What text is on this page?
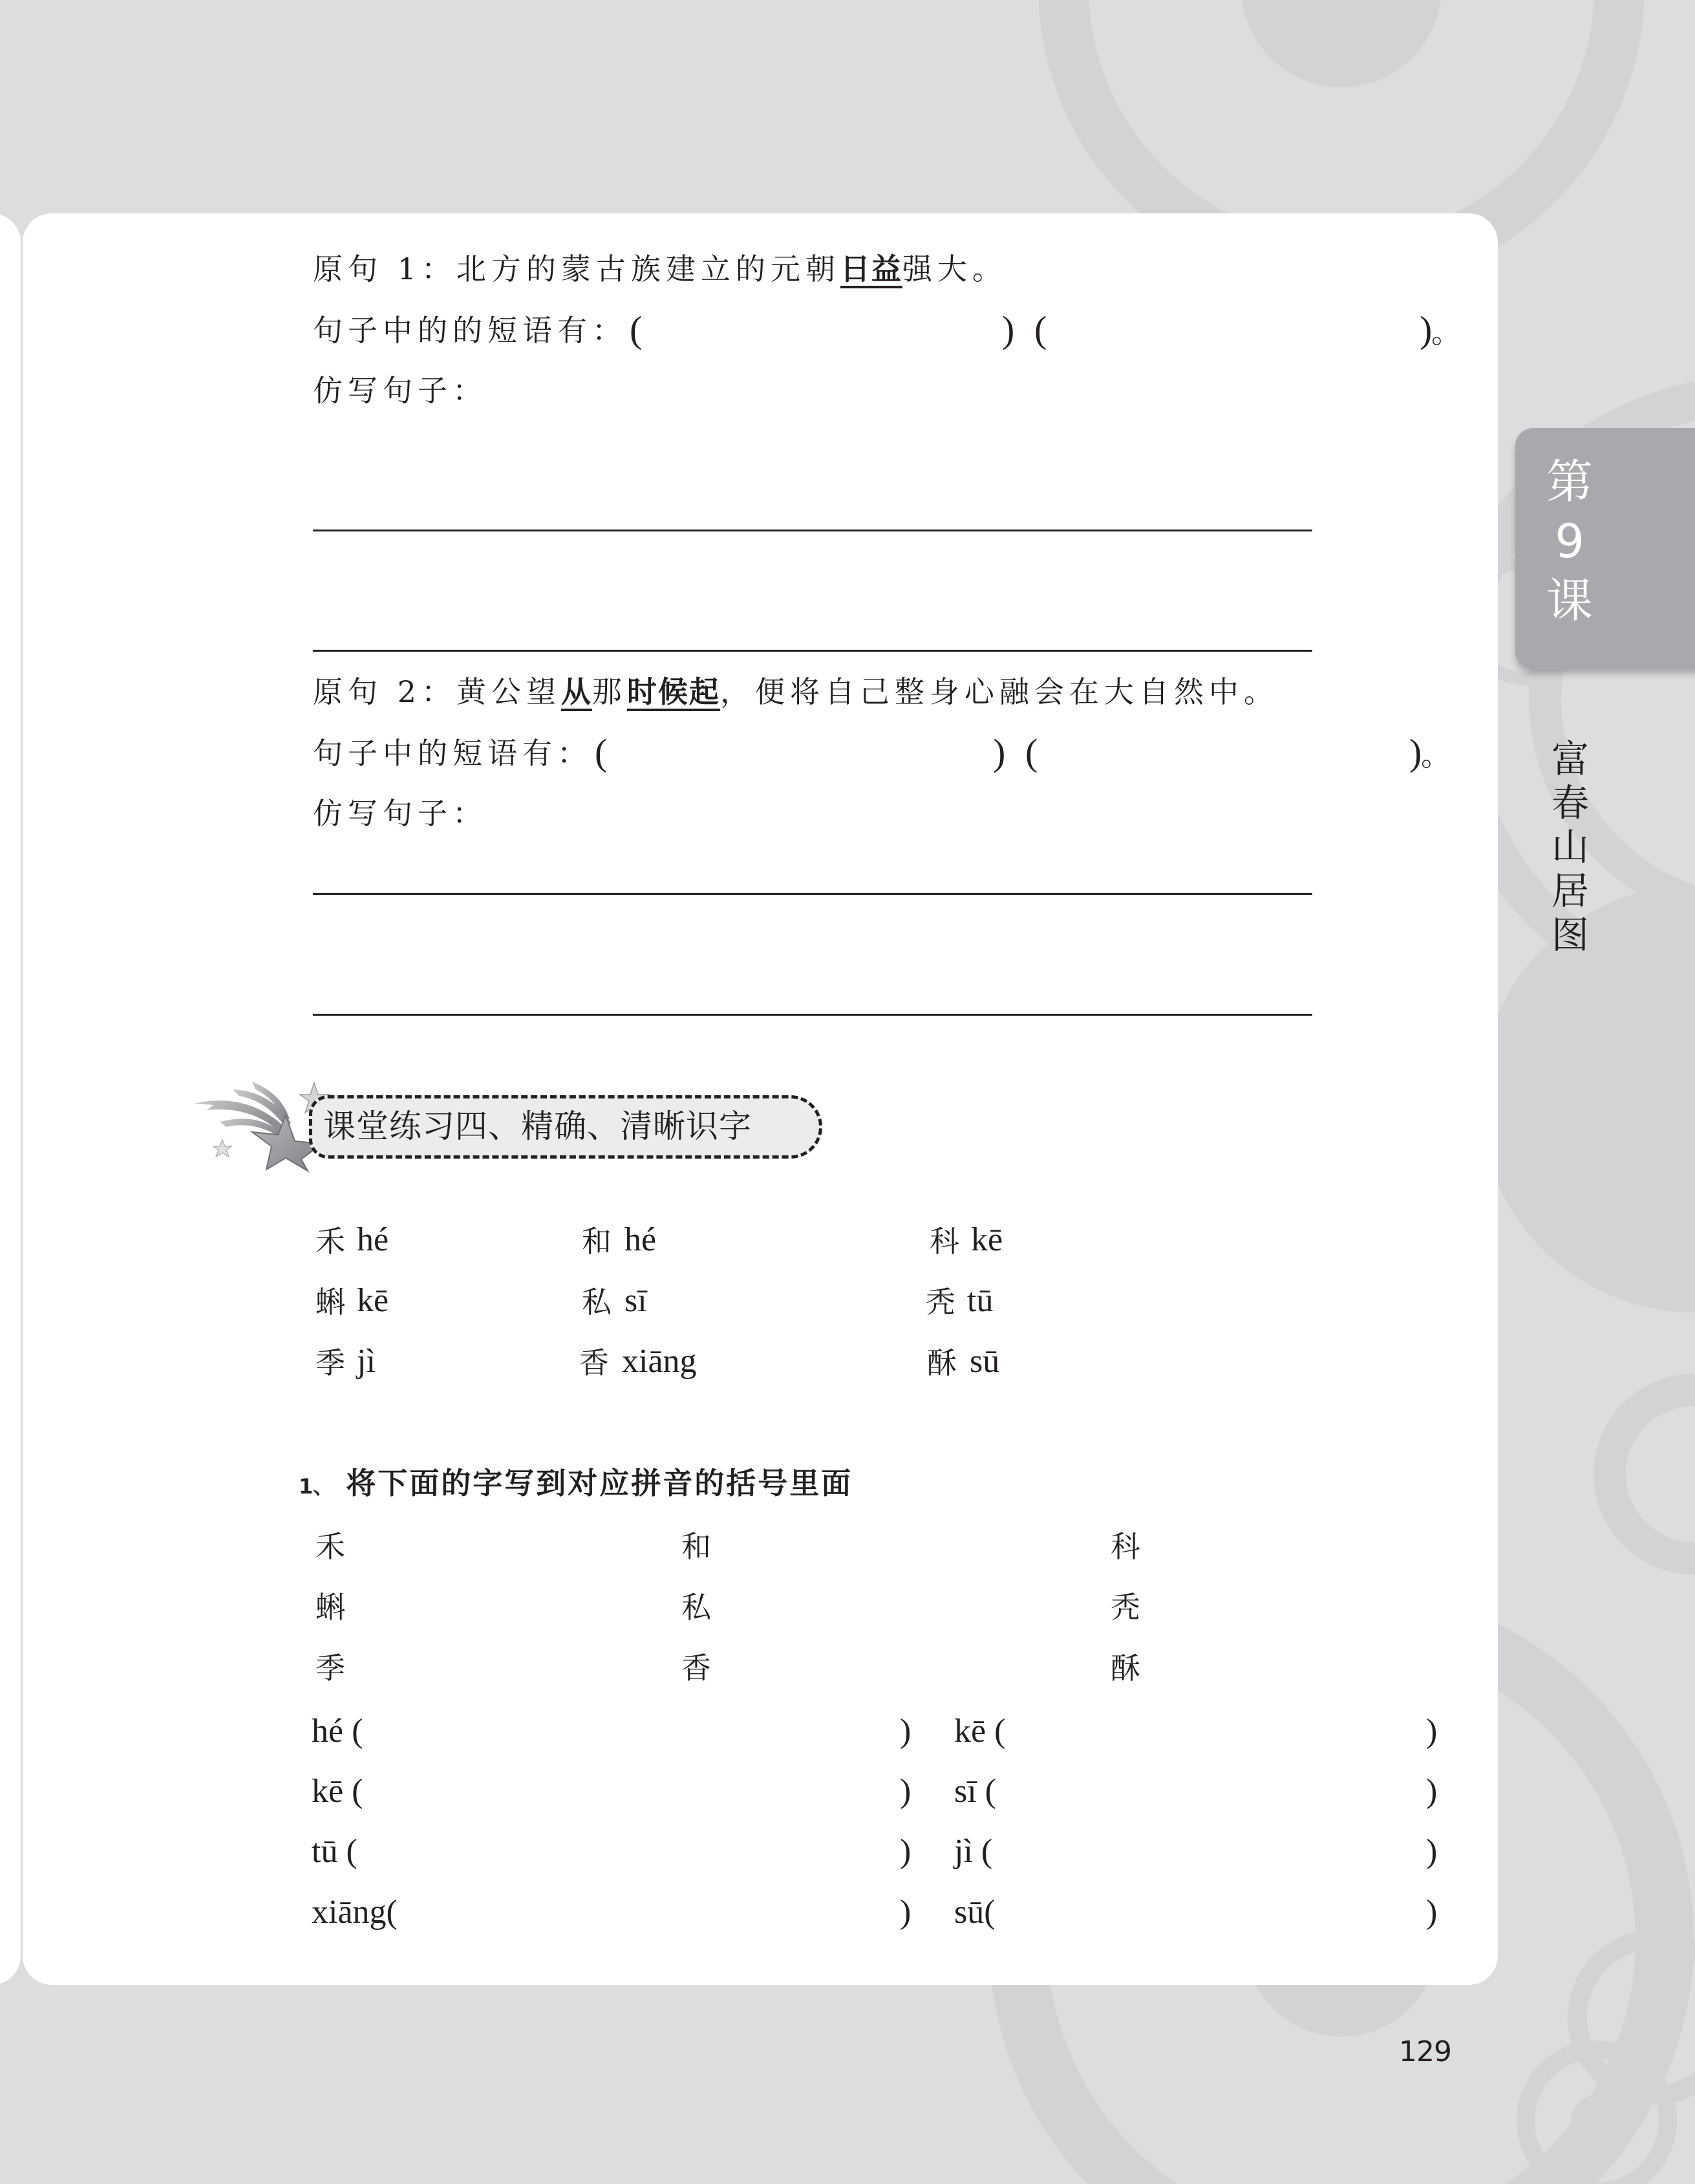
原句 1：北方的蒙古族建立的元朝日益强大。
句子中的的短语有： (	) (	)
。
仿写句子：
原句 2：黄公望从那时候起，便将自己整身心融会在大自然中。
句子中的短语有： (	) (	)
。
仿写句子：
课堂练习四、精确、清晰识字
禾 hé	和 hé	科 kē
蝌 kē	私 sī	秃 tū
季 jì	香 xiāng	酥 sū
1、 将下面的字写到对应拼音的括号里面
禾	和	科
蝌	私	秃
季	香	酥
hé (	) kē (	)
kē (	) sī (	)
tū (	) jì (	)
xiāng(	) sū(	)
第
9
课
富
春
山
居
图
129
